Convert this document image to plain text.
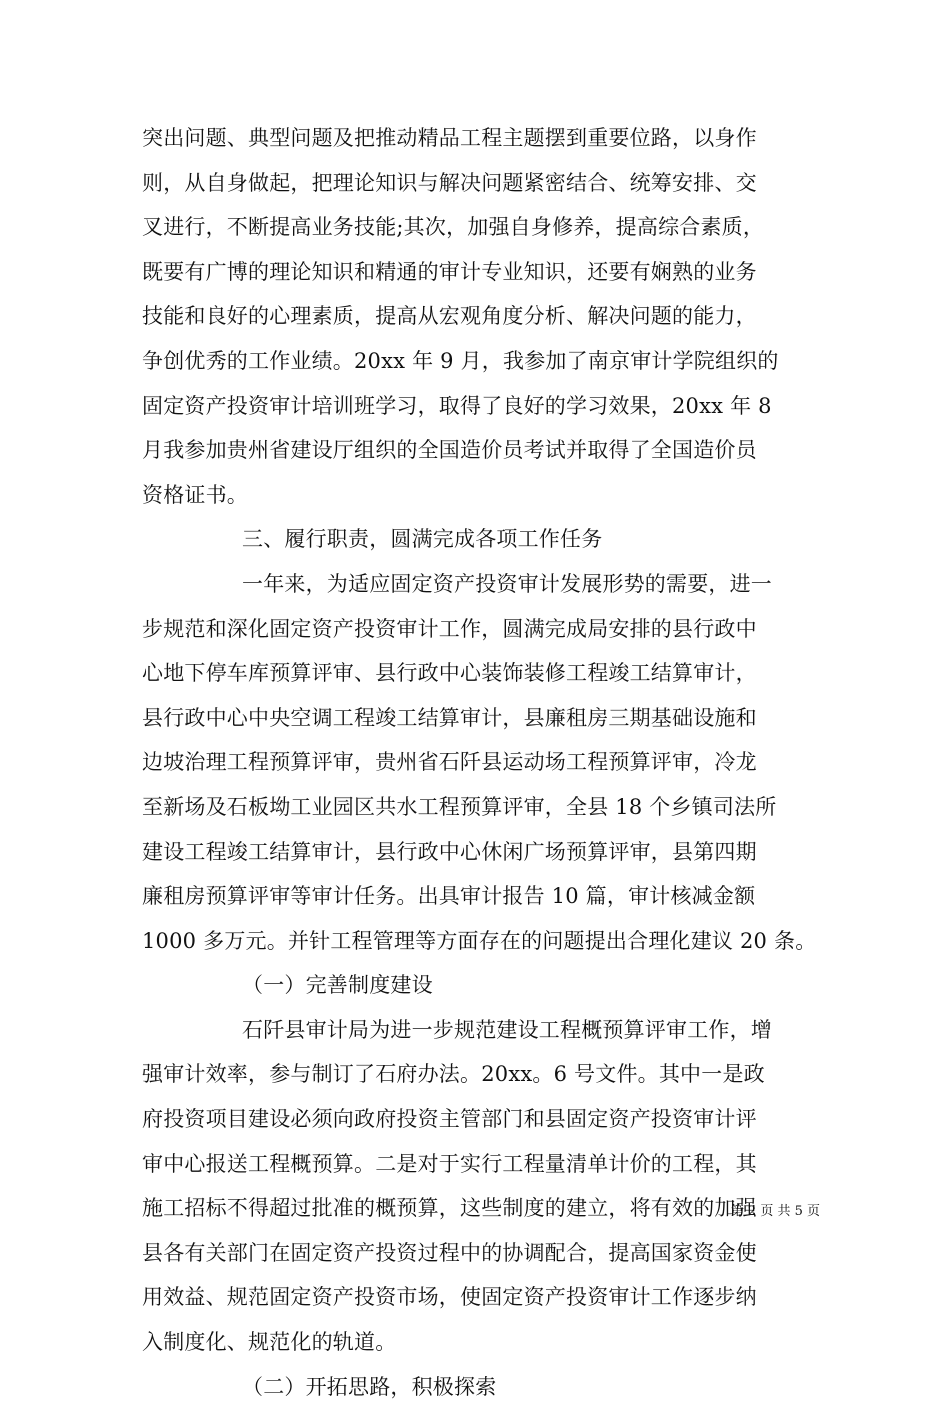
突出问题、典型问题及把推动精品工程主题摆到重要位路，以身作
则，从自身做起，把理论知识与解决问题紧密结合、统筹安排、交
叉进行，不断提高业务技能;其次，加强自身修养，提高综合素质，
既要有广博的理论知识和精通的审计专业知识，还要有娴熟的业务
技能和良好的心理素质，提高从宏观角度分析、解决问题的能力，
争创优秀的工作业绩。20xx 年 9 月，我参加了南京审计学院组织的
固定资产投资审计培训班学习，取得了良好的学习效果，20xx 年 8
月我参加贵州省建设厅组织的全国造价员考试并取得了全国造价员
资格证书。
三、履行职责，圆满完成各项工作任务
一年来，为适应固定资产投资审计发展形势的需要，进一
步规范和深化固定资产投资审计工作，圆满完成局安排的县行政中
心地下停车库预算评审、县行政中心装饰装修工程竣工结算审计，
县行政中心中央空调工程竣工结算审计，县廉租房三期基础设施和
边坡治理工程预算评审，贵州省石阡县运动场工程预算评审，冷龙
至新场及石板坳工业园区共水工程预算评审，全县 18 个乡镇司法所
建设工程竣工结算审计，县行政中心休闲广场预算评审，县第四期
廉租房预算评审等审计任务。出具审计报告 10 篇，审计核减金额
1000 多万元。并针工程管理等方面存在的问题提出合理化建议 20 条。
（一）完善制度建设
石阡县审计局为进一步规范建设工程概预算评审工作，增
强审计效率，参与制订了石府办法。20xx。6 号文件。其中一是政
府投资项目建设必须向政府投资主管部门和县固定资产投资审计评
审中心报送工程概预算。二是对于实行工程量清单计价的工程，其
施工招标不得超过批准的概预算，这些制度的建立，将有效的加强
县各有关部门在固定资产投资过程中的协调配合，提高国家资金使
用效益、规范固定资产投资市场，使固定资产投资审计工作逐步纳
入制度化、规范化的轨道。
（二）开拓思路，积极探索
第 2 页 共 5 页
